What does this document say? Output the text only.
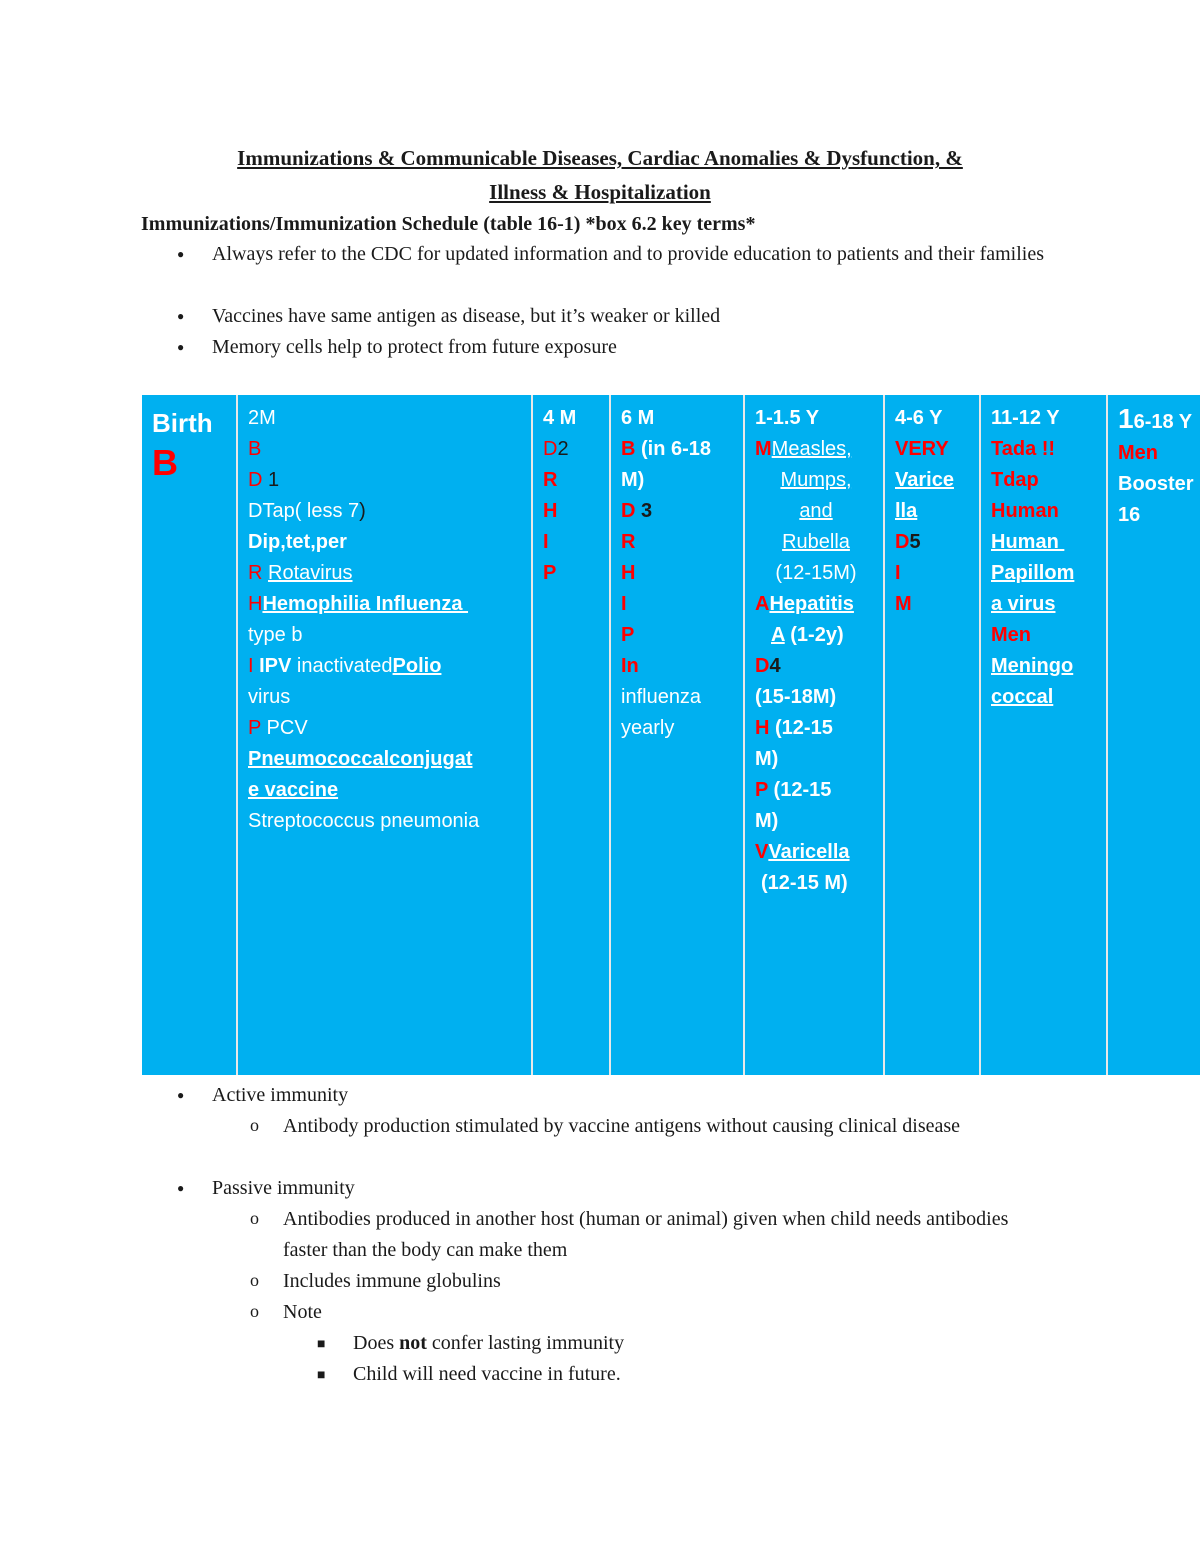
Immunizations & Communicable Diseases, Cardiac Anomalies & Dysfunction, &
Illness & Hospitalization
Immunizations/Immunization Schedule (table 16-1) *box 6.2 key terms*
● Always refer to the CDC for updated information and to provide education to patients and their families
● Vaccines have same antigen as disease, but it’s weaker or killed
● Memory cells help to protect from future exposure
Birth
B
2M
B
D 1
DTap( less 7)
Dip,tet,per
R Rotavirus
HHemophilia Influenza
type b
I IPV inactivatedPolio
virus
P PCV
Pneumococcalconjugat
e vaccine
Streptococcus pneumonia
4 M
D2
R
H
I
P
6 M
B (in 6-18
M)
D 3
R
H
I
P
In
influenza
yearly
1-1.5 Y
MMeasles,
Mumps,
and
Rubella
(12-15M)
AHepatitis
A (1-2y)
D4
(15-18M)
H (12-15
M)
P (12-15
M)
VVaricella
(12-15 M)
4-6 Y
VERY
Varice
lla
D5
I
M
11-12 Y
Tada !!
Tdap
Human
Human
Papillom
a virus
Men
Meningo
coccal
16-18 Y
Men
Booster
16
● Active immunity
o Antibody production stimulated by vaccine antigens without causing clinical disease
● Passive immunity
o Antibodies produced in another host (human or animal) given when child needs antibodies faster than the body can make them
o Includes immune globulins
o Note
■ Does not confer lasting immunity
■ Child will need vaccine in future.
